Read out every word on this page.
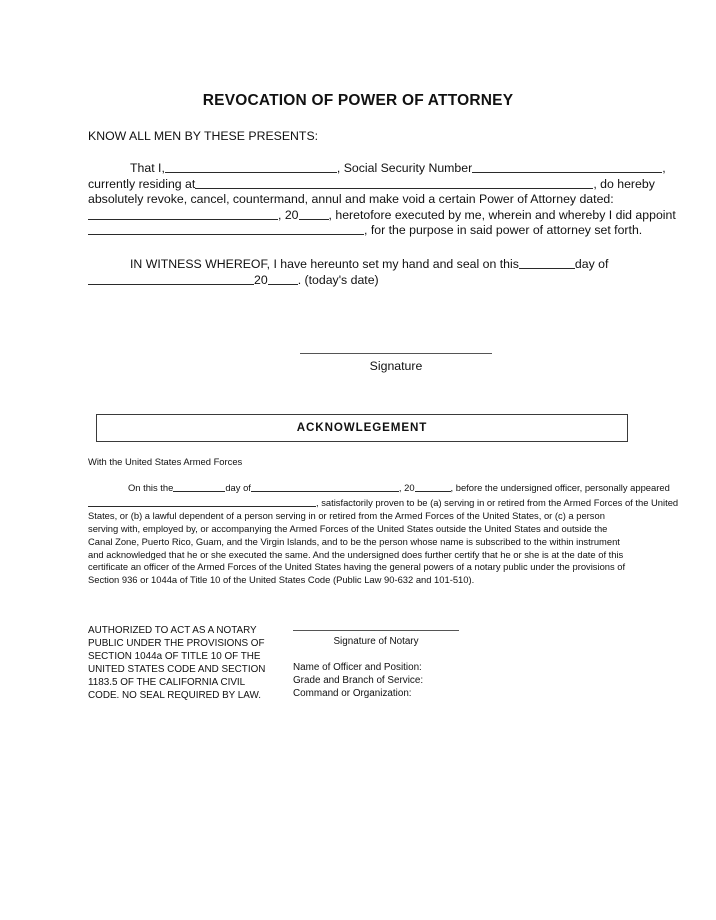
REVOCATION OF POWER OF ATTORNEY
KNOW ALL MEN BY THESE PRESENTS:
That I,	, Social Security Number	,
currently residing at	, do hereby
absolutely revoke, cancel, countermand, annul and make void a certain Power of Attorney dated:
, 20 , heretofore executed by me, wherein and whereby I did appoint
, for the purpose in said power of attorney set forth.
IN WITNESS WHEREOF, I have hereunto set my hand and seal on this	day of
20 . (today's date)
Signature
ACKNOWLEGEMENT
With the United States Armed Forces
On this the	day of	, 20	, before the undersigned officer, personally appeared
, satisfactorily proven to be (a) serving in or retired from the Armed Forces of the United
States, or (b) a lawful dependent of a person serving in or retired from the Armed Forces of the United States, or (c) a person
serving with, employed by, or accompanying the Armed Forces of the United States outside the United States and outside the
Canal Zone, Puerto Rico, Guam, and the Virgin Islands, and to be the person whose name is subscribed to the within instrument
and acknowledged that he or she executed the same. And the undersigned does further certify that he or she is at the date of this
certificate an officer of the Armed Forces of the United States having the general powers of a notary public under the provisions of
Section 936 or 1044a of Title 10 of the United States Code (Public Law 90-632 and 101-510).
AUTHORIZED TO ACT AS A NOTARY
PUBLIC UNDER THE PROVISIONS OF
SECTION 1044a OF TITLE 10 OF THE
UNITED STATES CODE AND SECTION
1183.5 OF THE CALIFORNIA CIVIL
CODE. NO SEAL REQUIRED BY LAW.
Signature of Notary
Name of Officer and Position:
Grade and Branch of Service:
Command or Organization:
